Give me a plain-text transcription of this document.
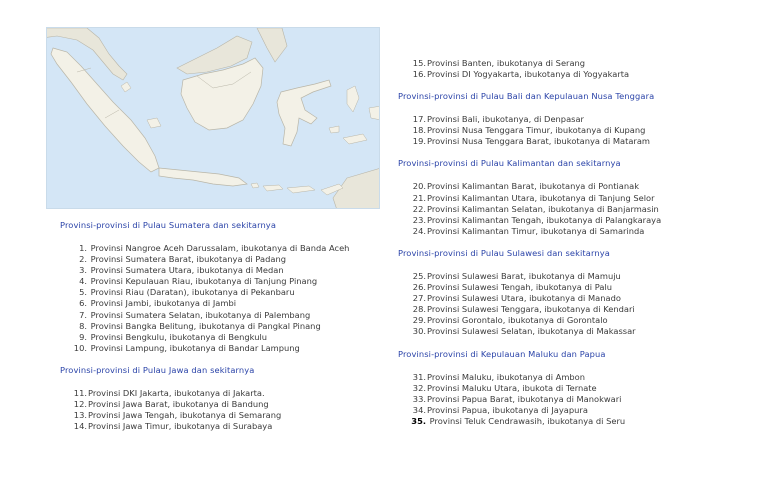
Provinsi-provinsi di Pulau Sumatera dan sekitarnya

1.
Provinsi Nangroe Aceh Darussalam, ibukotanya di Banda Aceh
2.
Provinsi Sumatera Barat, ibukotanya di Padang
3.
Provinsi Sumatera Utara, ibukotanya di Medan
4.
Provinsi Kepulauan Riau, ibukotanya di Tanjung Pinang
5.
Provinsi Riau (Daratan), ibukotanya di Pekanbaru
6.
Provinsi Jambi, ibukotanya di Jambi
7.
Provinsi Sumatera Selatan, ibukotanya di Palembang
8.
Provinsi Bangka Belitung, ibukotanya di Pangkal Pinang
9.
Provinsi Bengkulu, ibukotanya di Bengkulu
10.
Provinsi Lampung, ibukotanya di Bandar Lampung

Provinsi-provinsi di Pulau Jawa dan sekitarnya

11. Provinsi DKI Jakarta, ibukotanya di Jakarta.
12. Provinsi Jawa Barat, ibukotanya di Bandung
13. Provinsi Jawa Tengah, ibukotanya di Semarang
14. Provinsi Jawa Timur, ibukotanya di Surabaya
15. Provinsi Banten, ibukotanya di Serang
16. Provinsi DI Yogyakarta, ibukotanya di Yogyakarta

Provinsi-provinsi di Pulau Bali dan Kepulauan Nusa Tenggara

17. Provinsi Bali, ibukotanya, di Denpasar
18. Provinsi Nusa Tenggara Timur, ibukotanya di Kupang
19. Provinsi Nusa Tenggara Barat, ibukotanya di Mataram

Provinsi-provinsi di Pulau Kalimantan dan sekitarnya

20. Provinsi Kalimantan Barat, ibukotanya di Pontianak
21. Provinsi Kalimantan Utara, ibukotanya di Tanjung Selor
22. Provinsi Kalimantan Selatan, ibukotanya di Banjarmasin
23. Provinsi Kalimantan Tengah, ibukotanya di Palangkaraya
24. Provinsi Kalimantan Timur, ibukotanya di Samarinda

Provinsi-provinsi di Pulau Sulawesi dan sekitarnya

25. Provinsi Sulawesi Barat, ibukotanya di Mamuju
26. Provinsi Sulawesi Tengah, ibukotanya di Palu
27. Provinsi Sulawesi Utara, ibukotanya di Manado
28. Provinsi Sulawesi Tenggara, ibukotanya di Kendari
29. Provinsi Gorontalo, ibukotanya di Gorontalo
30. Provinsi Sulawesi Selatan, ibukotanya di Makassar

Provinsi-provinsi di Kepulauan Maluku dan Papua

31. Provinsi Maluku, ibukotanya di Ambon
32. Provinsi Maluku Utara, ibukota di Ternate
33. Provinsi Papua Barat, ibukotanya di Manokwari
34. Provinsi Papua, ibukotanya di Jayapura
35.
Provinsi Teluk Cendrawasih, ibukotanya di Seru
